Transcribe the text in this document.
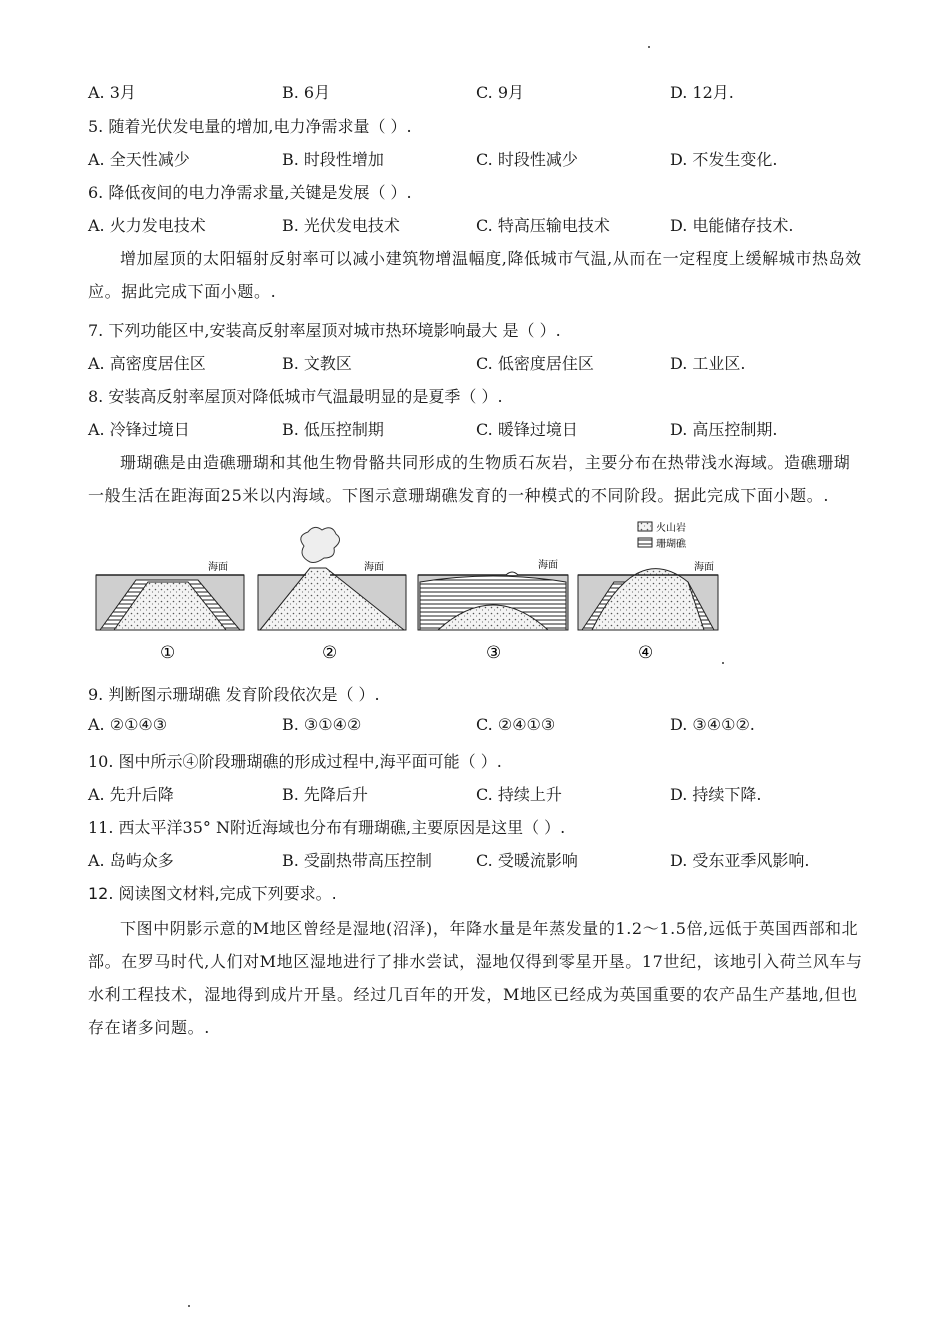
A. 3月	B. 6月	C. 9月	D. 12月.
5. 随着光伏发电量的增加,电力净需求量（ ）.
A. 全天性减少	B. 时段性增加	C. 时段性减少	D. 不发生变化.
6. 降低夜间的电力净需求量,关键是发展（ ）.
A. 火力发电技术	B. 光伏发电技术	C. 特高压输电技术	D. 电能储存技术.
增加屋顶的太阳辐射反射率可以减小建筑物增温幅度,降低城市气温,从而在一定程度上缓解城市热岛效应。据此完成下面小题。.
7. 下列功能区中,安装高反射率屋顶对城市热环境影响最大 是（ ）.
A. 高密度居住区	B. 文教区	C. 低密度居住区	D. 工业区.
8. 安装高反射率屋顶对降低城市气温最明显的是夏季（ ）.
A. 冷锋过境日	B. 低压控制期	C. 暖锋过境日	D. 高压控制期.
珊瑚礁是由造礁珊瑚和其他生物骨骼共同形成的生物质石灰岩，主要分布在热带浅水海域。造礁珊瑚一般生活在距海面25米以内海域。下图示意珊瑚礁发育的一种模式的不同阶段。据此完成下面小题。.
火山岩
珊瑚礁
海面
①
海面
②
海面
③
海面
④
9. 判断图示珊瑚礁 发育阶段依次是（ ）.
A. ②①④③	B. ③①④②	C. ②④①③	D. ③④①②.
10. 图中所示④阶段珊瑚礁的形成过程中,海平面可能（ ）.
A. 先升后降	B. 先降后升	C. 持续上升	D. 持续下降.
11. 西太平洋35° N附近海域也分布有珊瑚礁,主要原因是这里（ ）.
A. 岛屿众多	B. 受副热带高压控制	C. 受暖流影响	D. 受东亚季风影响.
12. 阅读图文材料,完成下列要求。.
下图中阴影示意的M地区曾经是湿地(沼泽)，年降水量是年蒸发量的1.2～1.5倍,远低于英国西部和北部。在罗马时代,人们对M地区湿地进行了排水尝试，湿地仅得到零星开垦。17世纪，该地引入荷兰风车与水利工程技术，湿地得到成片开垦。经过几百年的开发，M地区已经成为英国重要的农产品生产基地,但也存在诸多问题。.
